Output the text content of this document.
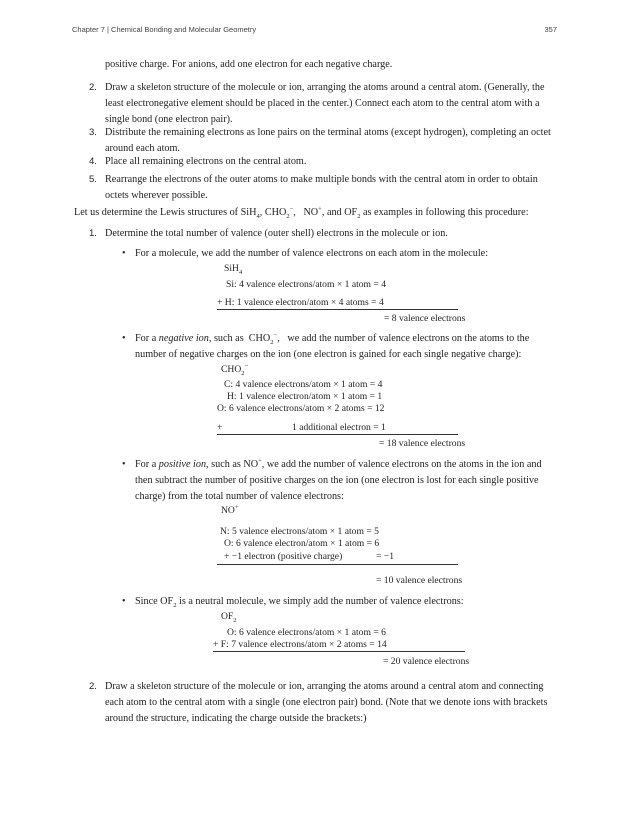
Chapter 7 | Chemical Bonding and Molecular Geometry	357

positive charge. For anions, add one electron for each negative charge.

2. Draw a skeleton structure of the molecule or ion, arranging the atoms around a central atom. (Generally, the least electronegative element should be placed in the center.) Connect each atom to the central atom with a single bond (one electron pair).

3. Distribute the remaining electrons as lone pairs on the terminal atoms (except hydrogen), completing an octet around each atom.

4. Place all remaining electrons on the central atom.

5. Rearrange the electrons of the outer atoms to make multiple bonds with the central atom in order to obtain octets wherever possible.

Let us determine the Lewis structures of SiH$_4$, $CHO_2^-$,   NO+, and $OF_2$ as examples in following this procedure:

1. Determine the total number of valence (outer shell) electrons in the molecule or ion.

• For a molecule, we add the number of valence electrons on each atom in the molecule:

SiH$_4$
Si: 4 valence electrons/atom × 1 atom = 4
+ H: 1 valence electron/atom × 4 atoms = 4
= 8 valence electrons
• For a negative ion, such as $CHO_2^-$,   we add the number of valence electrons on the atoms to the number of negative charges on the ion (one electron is gained for each single negative charge):

$CHO_2^-$
C: 4 valence electrons/atom × 1 atom = 4
H: 1 valence electron/atom × 1 atom = 1
O: 6 valence electrons/atom × 2 atoms = 12
+	1 additional electron = 1
= 18 valence electrons
• For a positive ion, such as NO+, we add the number of valence electrons on the atoms in the ion and then subtract the number of positive charges on the ion (one electron is lost for each single positive charge) from the total number of valence electrons:

NO+
N: 5 valence electrons/atom × 1 atom = 5
O: 6 valence electron/atom × 1 atom = 6
+ −1 electron (positive charge)	= −1
= 10 valence electrons
• Since $OF_2$ is a neutral molecule, we simply add the number of valence electrons:

$OF_2$
O: 6 valence electrons/atom × 1 atom = 6
+ F: 7 valence electrons/atom × 2 atoms = 14
= 20 valence electrons
2. Draw a skeleton structure of the molecule or ion, arranging the atoms around a central atom and connecting each atom to the central atom with a single (one electron pair) bond. (Note that we denote ions with brackets around the structure, indicating the charge outside the brackets:)
